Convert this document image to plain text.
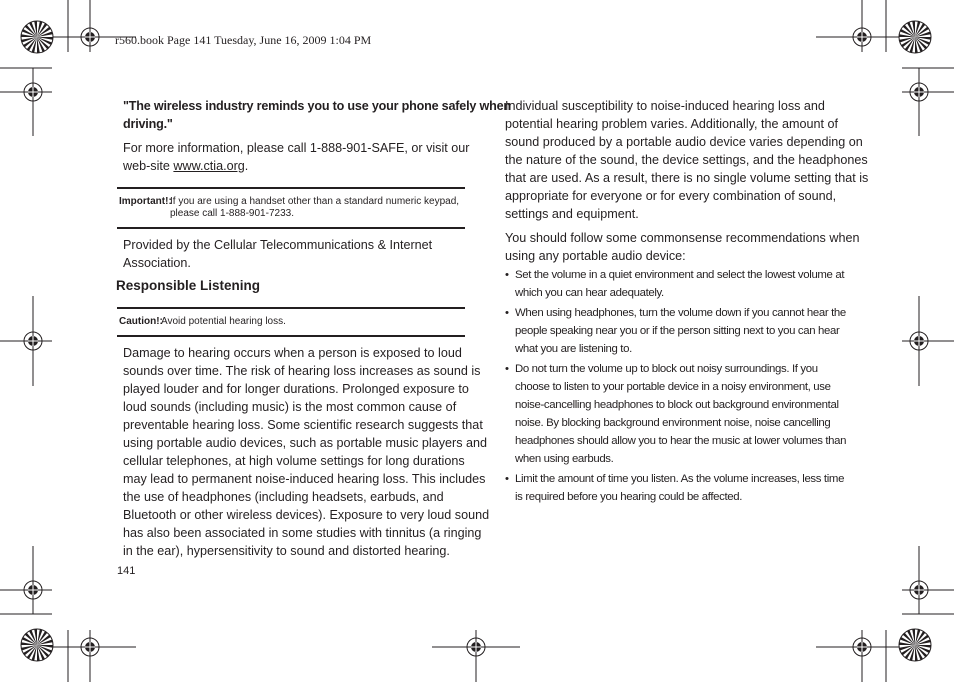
r560.book Page 141 Tuesday, June 16, 2009 1:04 PM
"The wireless industry reminds you to use your phone safely when
driving."
For more information, please call 1-888-901-SAFE, or visit our
web-site www.ctia.org.
Important!:
If you are using a handset other than a standard numeric keypad,
please call 1-888-901-7233.
Provided by the Cellular Telecommunications & Internet
Association.
Responsible Listening
Caution!:
Avoid potential hearing loss.
Damage to hearing occurs when a person is exposed to loud
sounds over time. The risk of hearing loss increases as sound is
played louder and for longer durations. Prolonged exposure to
loud sounds (including music) is the most common cause of
preventable hearing loss. Some scientific research suggests that
using portable audio devices, such as portable music players and
cellular telephones, at high volume settings for long durations
may lead to permanent noise-induced hearing loss. This includes
the use of headphones (including headsets, earbuds, and
Bluetooth or other wireless devices). Exposure to very loud sound
has also been associated in some studies with tinnitus (a ringing
in the ear), hypersensitivity to sound and distorted hearing.
141
Individual susceptibility to noise-induced hearing loss and
potential hearing problem varies. Additionally, the amount of
sound produced by a portable audio device varies depending on
the nature of the sound, the device settings, and the headphones
that are used. As a result, there is no single volume setting that is
appropriate for everyone or for every combination of sound,
settings and equipment.
You should follow some commonsense recommendations when
using any portable audio device:
• Set the volume in a quiet environment and select the lowest volume at
which you can hear adequately.
• When using headphones, turn the volume down if you cannot hear the
people speaking near you or if the person sitting next to you can hear
what you are listening to.
• Do not turn the volume up to block out noisy surroundings. If you
choose to listen to your portable device in a noisy environment, use
noise-cancelling headphones to block out background environmental
noise. By blocking background environment noise, noise cancelling
headphones should allow you to hear the music at lower volumes than
when using earbuds.
• Limit the amount of time you listen. As the volume increases, less time
is required before you hearing could be affected.
